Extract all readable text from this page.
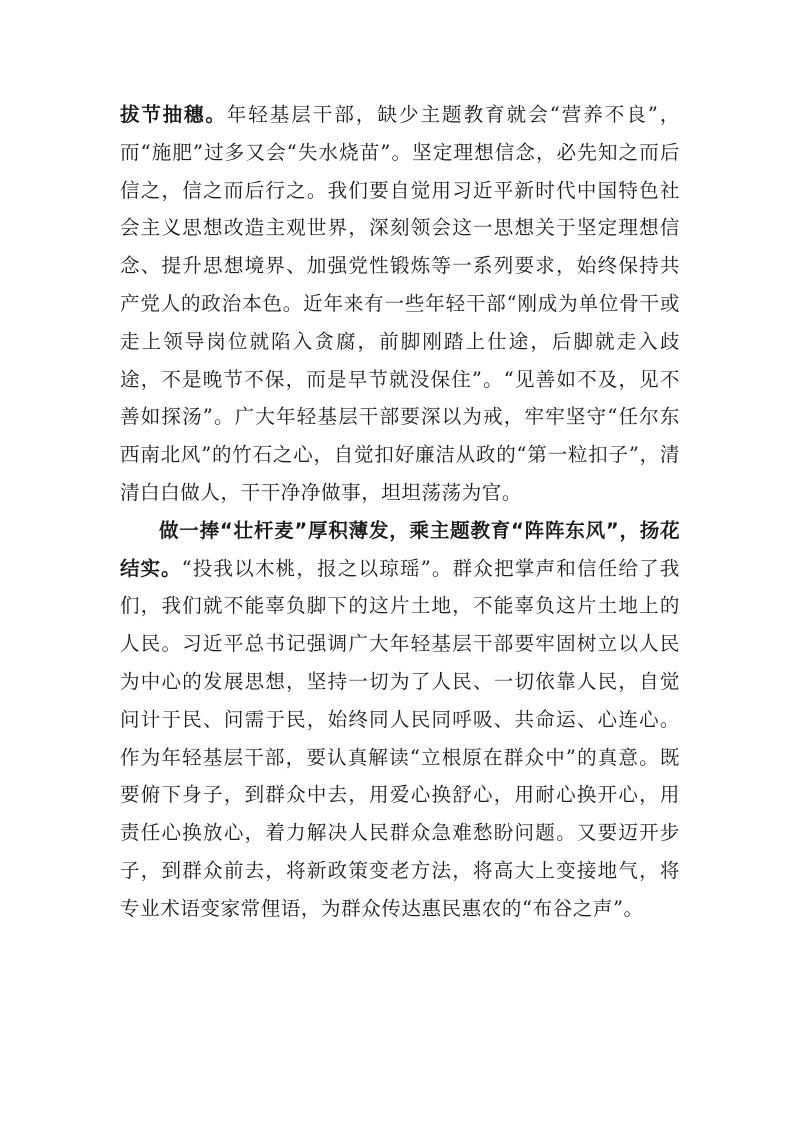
拔节抽穗。年轻基层干部，缺少主题教育就会“营养不良”，而“施肥”过多又会“失水烧苗”。坚定理想信念，必先知之而后信之，信之而后行之。我们要自觉用习近平新时代中国特色社会主义思想改造主观世界，深刻领会这一思想关于坚定理想信念、提升思想境界、加强党性锻炼等一系列要求，始终保持共产党人的政治本色。近年来有一些年轻干部“刚成为单位骨干或走上领导岗位就陷入贪腐，前脚刚踏上仕途，后脚就走入歧途，不是晚节不保，而是早节就没保住”。“见善如不及，见不善如探汤”。广大年轻基层干部要深以为戒，牢牢坚守“任尔东西南北风”的竹石之心，自觉扣好廉洁从政的“第一粒扣子”，清清白白做人，干干净净做事，坦坦荡荡为官。

做一捧“壮杆麦”厚积薄发，乘主题教育“阵阵东风”，扬花结实。“投我以木桃，报之以琼瑶”。群众把掌声和信任给了我们，我们就不能辜负脚下的这片土地，不能辜负这片土地上的人民。习近平总书记强调广大年轻基层干部要牢固树立以人民为中心的发展思想，坚持一切为了人民、一切依靠人民，自觉问计于民、问需于民，始终同人民同呼吸、共命运、心连心。作为年轻基层干部，要认真解读“立根原在群众中”的真意。既要俯下身子，到群众中去，用爱心换舒心，用耐心换开心，用责任心换放心，着力解决人民群众急难愁盼问题。又要迈开步子，到群众前去，将新政策变老方法，将高大上变接地气，将专业术语变家常俚语，为群众传达惠民惠农的“布谷之声”。
